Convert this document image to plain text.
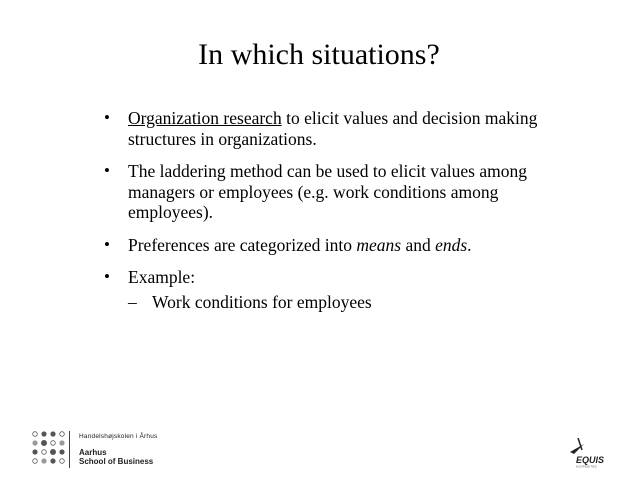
In which situations?
• Organization research to elicit values and decision making structures in organizations.
• The laddering method can be used to elicit values among managers or employees (e.g. work conditions among employees).
• Preferences are categorized into means and ends.
• Example:
– Work conditions for employees
Handelshøjskolen i Århus
Aarhus
School of Business	EQUIS
ACCREDITED
